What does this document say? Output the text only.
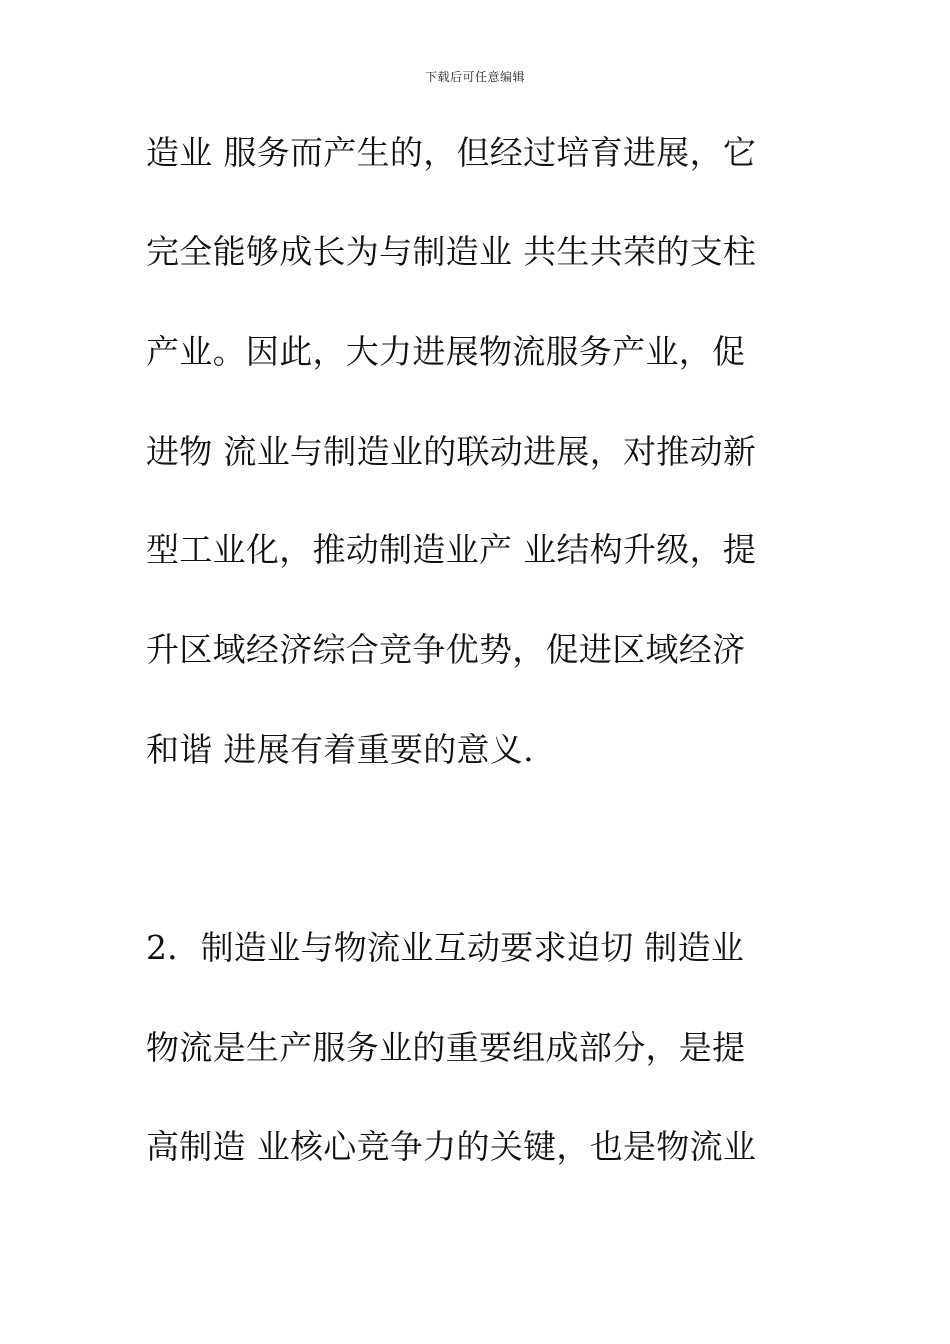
下载后可任意编辑
造业 服务而产生的，但经过培育进展，它
完全能够成长为与制造业 共生共荣的支柱
产业。因此，大力进展物流服务产业，促
进物 流业与制造业的联动进展，对推动新
型工业化，推动制造业产 业结构升级，提
升区域经济综合竞争优势，促进区域经济
和谐 进展有着重要的意义.
2．制造业与物流业互动要求迫切 制造业
物流是生产服务业的重要组成部分，是提
高制造 业核心竞争力的关键，也是物流业
